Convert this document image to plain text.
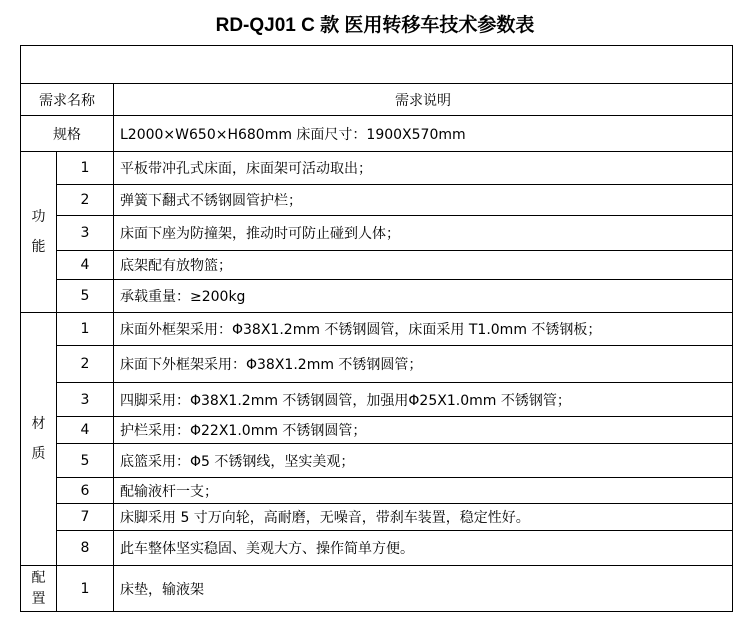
RD-QJ01 C 款 医用转移车技术参数表

需求名称		需求说明
规格		L2000×W650×H680mm 床面尺寸：1900X570mm

功
能	1	平板带冲孔式床面，床面架可活动取出；
	2	弹簧下翻式不锈钢圆管护栏；
	3	床面下座为防撞架，推动时可防止碰到人体；
	4	底架配有放物篮；
	5	承载重量：≥200kg

材
质	1	床面外框架采用：Φ38X1.2mm 不锈钢圆管，床面采用 T1.0mm 不锈钢板；
	2	床面下外框架采用：Φ38X1.2mm 不锈钢圆管；
	3	四脚采用：Φ38X1.2mm 不锈钢圆管，加强用Φ25X1.0mm 不锈钢管；
	4	护栏采用：Φ22X1.0mm 不锈钢圆管；
	5	底篮采用：Φ5 不锈钢线，坚实美观；
	6	配输液杆一支；
	7	床脚采用 5 寸万向轮，高耐磨，无噪音，带刹车装置，稳定性好。
	8	此车整体坚实稳固、美观大方、操作简单方便。

配
置	1	床垫，输液架
